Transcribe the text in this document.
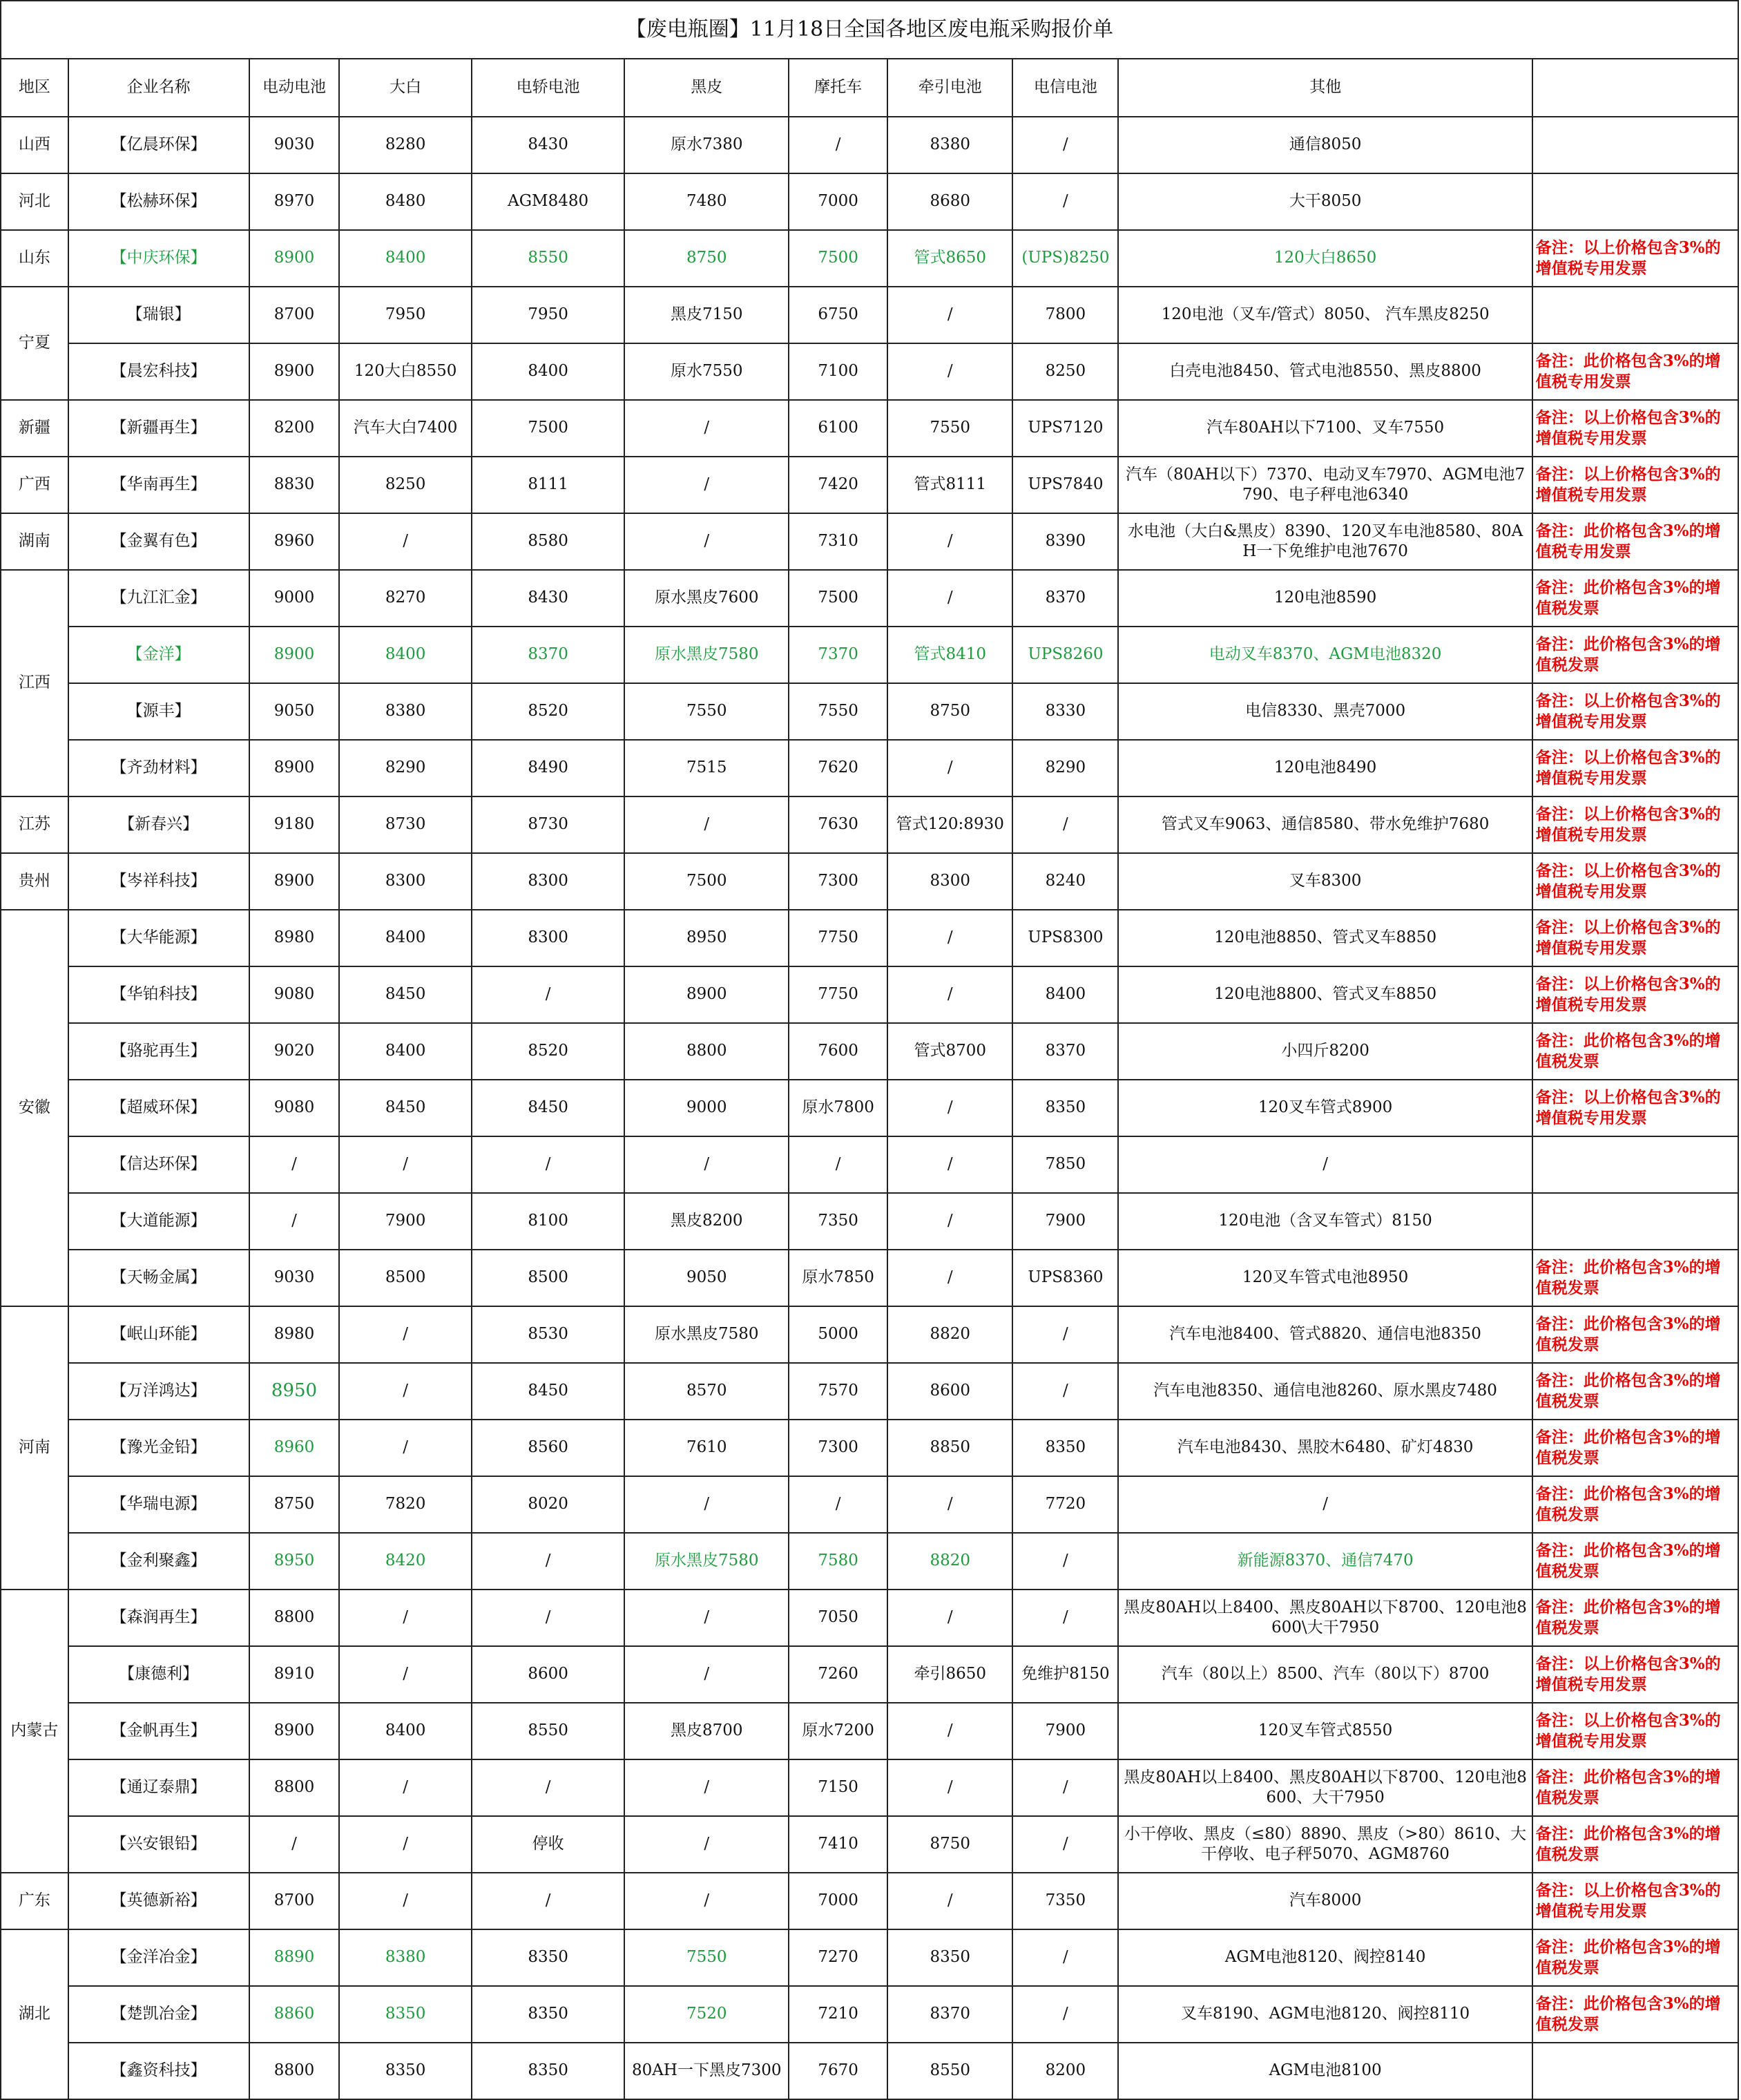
【废电瓶圈】11月18日全国各地区废电瓶采购报价单										
地区	企业名称	电动电池	大白	电轿电池	黑皮	摩托车	牵引电池	电信电池	其他	
山西	【亿晨环保】	9030	8280	8430	原水7380	/	8380	/	通信8050	
河北	【松赫环保】	8970	8480	AGM8480	7480	7000	8680	/	大干8050	
山东	【中庆环保】	8900	8400	8550	8750	7500	管式8650	(UPS)8250	120大白8650	备注：以上价格包含3%的增值税专用发票
宁夏	【瑞银】	8700	7950	7950	黑皮7150	6750	/	7800	120电池（叉车/管式）8050、 汽车黑皮8250	
	【晨宏科技】	8900	120大白8550	8400	原水7550	7100	/	8250	白壳电池8450、管式电池8550、黑皮8800	备注：此价格包含3%的增值税专用发票
新疆	【新疆再生】	8200	汽车大白7400	7500	/	6100	7550	UPS7120	汽车80AH以下7100、叉车7550	备注：以上价格包含3%的增值税专用发票
广西	【华南再生】	8830	8250	8111	/	7420	管式8111	UPS7840	汽车（80AH以下）7370、电动叉车7970、AGM电池7790、电子秤电池6340	备注：以上价格包含3%的增值税专用发票
湖南	【金翼有色】	8960	/	8580	/	7310	/	8390	水电池（大白&黑皮）8390、120叉车电池8580、80AH一下免维护电池7670	备注：此价格包含3%的增值税专用发票
江西	【九江汇金】	9000	8270	8430	原水黑皮7600	7500	/	8370	120电池8590	备注：此价格包含3%的增值税发票
	【金洋】	8900	8400	8370	原水黑皮7580	7370	管式8410	UPS8260	电动叉车8370、AGM电池8320	备注：此价格包含3%的增值税发票
	【源丰】	9050	8380	8520	7550	7550	8750	8330	电信8330、黑壳7000	备注：以上价格包含3%的增值税专用发票
	【齐劲材料】	8900	8290	8490	7515	7620	/	8290	120电池8490	备注：以上价格包含3%的增值税专用发票
江苏	【新春兴】	9180	8730	8730	/	7630	管式120:8930	/	管式叉车9063、通信8580、带水免维护7680	备注：以上价格包含3%的增值税专用发票
贵州	【岑祥科技】	8900	8300	8300	7500	7300	8300	8240	叉车8300	备注：以上价格包含3%的增值税专用发票
安徽	【大华能源】	8980	8400	8300	8950	7750	/	UPS8300	120电池8850、管式叉车8850	备注：以上价格包含3%的增值税专用发票
	【华铂科技】	9080	8450	/	8900	7750	/	8400	120电池8800、管式叉车8850	备注：以上价格包含3%的增值税专用发票
	【骆驼再生】	9020	8400	8520	8800	7600	管式8700	8370	小四斤8200	备注：此价格包含3%的增值税发票
	【超威环保】	9080	8450	8450	9000	原水7800	/	8350	120叉车管式8900	备注：以上价格包含3%的增值税专用发票
	【信达环保】	/	/	/	/	/	/	7850	/	
	【大道能源】	/	7900	8100	黑皮8200	7350	/	7900	120电池（含叉车管式）8150	
	【天畅金属】	9030	8500	8500	9050	原水7850	/	UPS8360	120叉车管式电池8950	备注：此价格包含3%的增值税发票
河南	【岷山环能】	8980	/	8530	原水黑皮7580	5000	8820	/	汽车电池8400、管式8820、通信电池8350	备注：此价格包含3%的增值税发票
	【万洋鸿达】	8950	/	8450	8570	7570	8600	/	汽车电池8350、通信电池8260、原水黑皮7480	备注：此价格包含3%的增值税发票
	【豫光金铅】	8960	/	8560	7610	7300	8850	8350	汽车电池8430、黑胶木6480、矿灯4830	备注：此价格包含3%的增值税发票
	【华瑞电源】	8750	7820	8020	/	/	/	7720	/	备注：此价格包含3%的增值税发票
	【金利聚鑫】	8950	8420	/	原水黑皮7580	7580	8820	/	新能源8370、通信7470	备注：此价格包含3%的增值税发票
内蒙古	【森润再生】	8800	/	/	/	7050	/	/	黑皮80AH以上8400、黑皮80AH以下8700、120电池8600\大干7950	备注：此价格包含3%的增值税发票
	【康德利】	8910	/	8600	/	7260	牵引8650	免维护8150	汽车（80以上）8500、汽车（80以下）8700	备注：以上价格包含3%的增值税专用发票
	【金帆再生】	8900	8400	8550	黑皮8700	原水7200	/	7900	120叉车管式8550	备注：以上价格包含3%的增值税专用发票
	【通辽泰鼎】	8800	/	/	/	7150	/	/	黑皮80AH以上8400、黑皮80AH以下8700、120电池8600、大干7950	备注：此价格包含3%的增值税发票
	【兴安银铅】	/	/	停收	/	7410	8750	/	小干停收、黑皮（≤80）8890、黑皮（>80）8610、大干停收、电子秤5070、AGM8760	备注：此价格包含3%的增值税发票
广东	【英德新裕】	8700	/	/	/	7000	/	7350	汽车8000	备注：以上价格包含3%的增值税专用发票
湖北	【金洋冶金】	8890	8380	8350	7550	7270	8350	/	AGM电池8120、阀控8140	备注：此价格包含3%的增值税发票
	【楚凯冶金】	8860	8350	8350	7520	7210	8370	/	叉车8190、AGM电池8120、阀控8110	备注：此价格包含3%的增值税发票
	【鑫资科技】	8800	8350	8350	80AH一下黑皮7300	7670	8550	8200	AGM电池8100	
